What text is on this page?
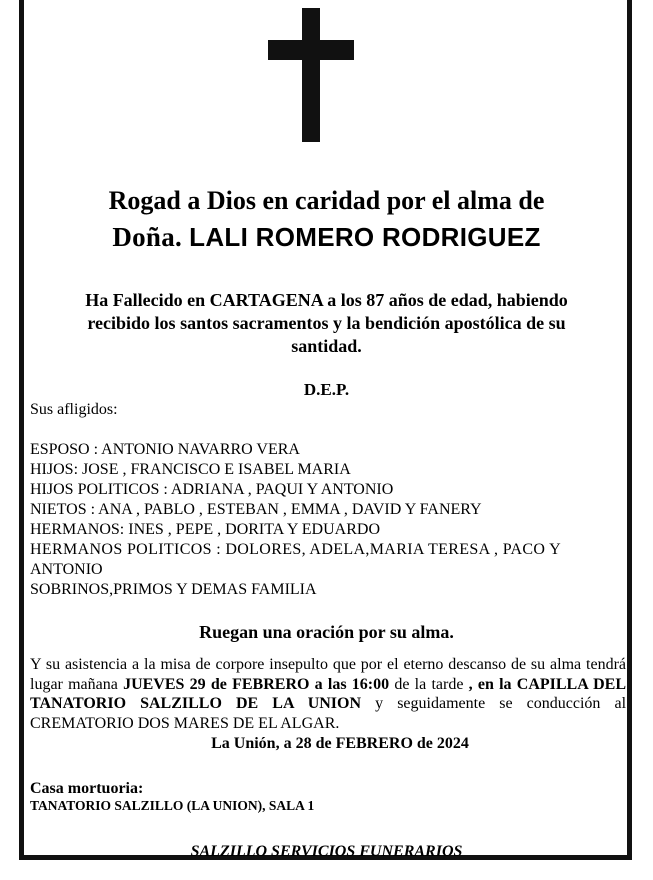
Rogad a Dios en caridad por el alma de
Doña. LALI ROMERO RODRIGUEZ
Ha Fallecido en CARTAGENA a los 87 años de edad, habiendo recibido los santos sacramentos y la bendición apostólica de su santidad.
D.E.P.
Sus afligidos:
ESPOSO : ANTONIO NAVARRO VERA
HIJOS: JOSE , FRANCISCO E ISABEL MARIA
HIJOS POLITICOS : ADRIANA , PAQUI Y ANTONIO
NIETOS : ANA , PABLO , ESTEBAN , EMMA , DAVID Y FANERY
HERMANOS: INES , PEPE , DORITA Y EDUARDO
HERMANOS POLITICOS : DOLORES, ADELA,MARIA TERESA , PACO Y
ANTONIO
SOBRINOS,PRIMOS Y DEMAS FAMILIA
Ruegan una oración por su alma.
Y su asistencia a la misa de corpore insepulto que por el eterno descanso de su alma tendrá lugar mañana JUEVES 29 de FEBRERO a las 16:00 de la tarde , en la CAPILLA DEL TANATORIO SALZILLO DE LA UNION y seguidamente se conducción al CREMATORIO DOS MARES DE EL ALGAR.
La Unión, a 28 de FEBRERO de 2024
Casa mortuoria:
TANATORIO SALZILLO (LA UNION), SALA 1
SALZILLO SERVICIOS FUNERARIOS
